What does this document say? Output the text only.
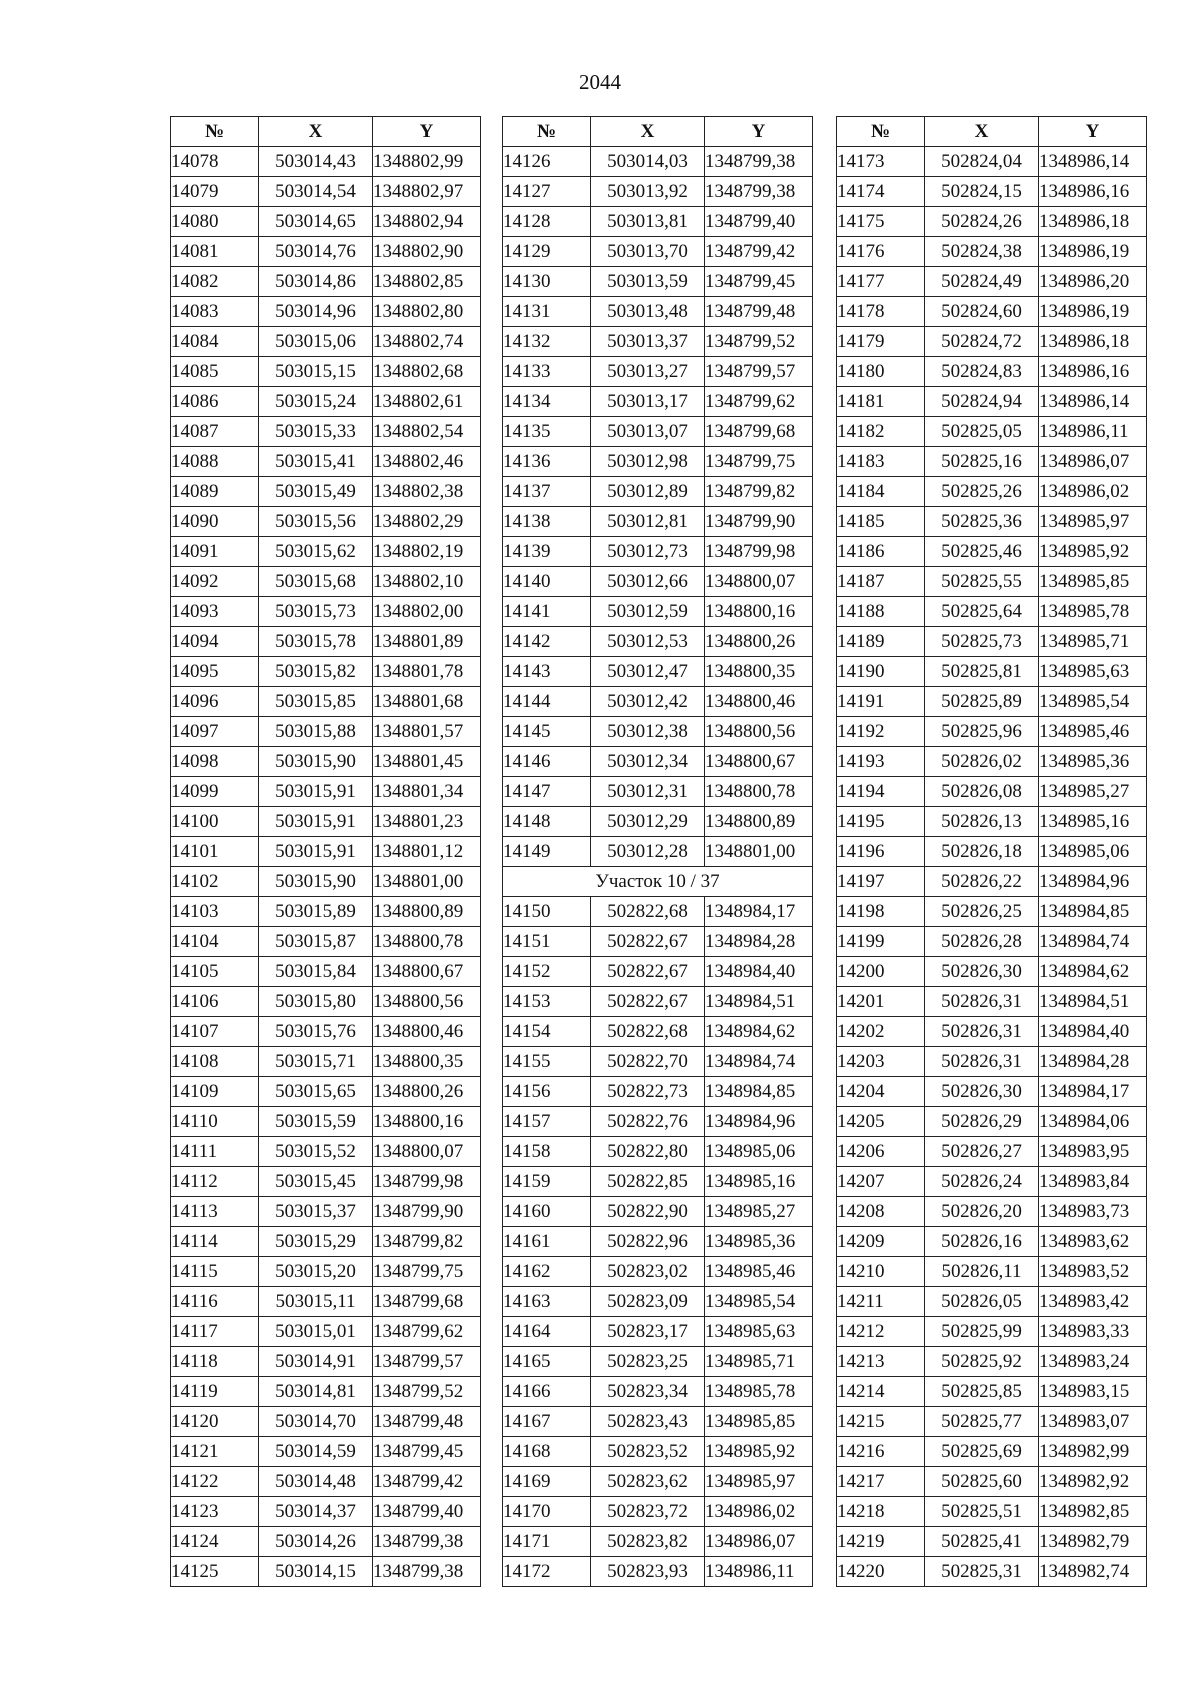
2044
№	X	Y
14078	503014,43	1348802,99
14079	503014,54	1348802,97
14080	503014,65	1348802,94
14081	503014,76	1348802,90
14082	503014,86	1348802,85
14083	503014,96	1348802,80
14084	503015,06	1348802,74
14085	503015,15	1348802,68
14086	503015,24	1348802,61
14087	503015,33	1348802,54
14088	503015,41	1348802,46
14089	503015,49	1348802,38
14090	503015,56	1348802,29
14091	503015,62	1348802,19
14092	503015,68	1348802,10
14093	503015,73	1348802,00
14094	503015,78	1348801,89
14095	503015,82	1348801,78
14096	503015,85	1348801,68
14097	503015,88	1348801,57
14098	503015,90	1348801,45
14099	503015,91	1348801,34
14100	503015,91	1348801,23
14101	503015,91	1348801,12
14102	503015,90	1348801,00
14103	503015,89	1348800,89
14104	503015,87	1348800,78
14105	503015,84	1348800,67
14106	503015,80	1348800,56
14107	503015,76	1348800,46
14108	503015,71	1348800,35
14109	503015,65	1348800,26
14110	503015,59	1348800,16
14111	503015,52	1348800,07
14112	503015,45	1348799,98
14113	503015,37	1348799,90
14114	503015,29	1348799,82
14115	503015,20	1348799,75
14116	503015,11	1348799,68
14117	503015,01	1348799,62
14118	503014,91	1348799,57
14119	503014,81	1348799,52
14120	503014,70	1348799,48
14121	503014,59	1348799,45
14122	503014,48	1348799,42
14123	503014,37	1348799,40
14124	503014,26	1348799,38
14125	503014,15	1348799,38
№	X	Y
14126	503014,03	1348799,38
14127	503013,92	1348799,38
14128	503013,81	1348799,40
14129	503013,70	1348799,42
14130	503013,59	1348799,45
14131	503013,48	1348799,48
14132	503013,37	1348799,52
14133	503013,27	1348799,57
14134	503013,17	1348799,62
14135	503013,07	1348799,68
14136	503012,98	1348799,75
14137	503012,89	1348799,82
14138	503012,81	1348799,90
14139	503012,73	1348799,98
14140	503012,66	1348800,07
14141	503012,59	1348800,16
14142	503012,53	1348800,26
14143	503012,47	1348800,35
14144	503012,42	1348800,46
14145	503012,38	1348800,56
14146	503012,34	1348800,67
14147	503012,31	1348800,78
14148	503012,29	1348800,89
14149	503012,28	1348801,00
Участок 10 / 37		
14150	502822,68	1348984,17
14151	502822,67	1348984,28
14152	502822,67	1348984,40
14153	502822,67	1348984,51
14154	502822,68	1348984,62
14155	502822,70	1348984,74
14156	502822,73	1348984,85
14157	502822,76	1348984,96
14158	502822,80	1348985,06
14159	502822,85	1348985,16
14160	502822,90	1348985,27
14161	502822,96	1348985,36
14162	502823,02	1348985,46
14163	502823,09	1348985,54
14164	502823,17	1348985,63
14165	502823,25	1348985,71
14166	502823,34	1348985,78
14167	502823,43	1348985,85
14168	502823,52	1348985,92
14169	502823,62	1348985,97
14170	502823,72	1348986,02
14171	502823,82	1348986,07
14172	502823,93	1348986,11
№	X	Y
14173	502824,04	1348986,14
14174	502824,15	1348986,16
14175	502824,26	1348986,18
14176	502824,38	1348986,19
14177	502824,49	1348986,20
14178	502824,60	1348986,19
14179	502824,72	1348986,18
14180	502824,83	1348986,16
14181	502824,94	1348986,14
14182	502825,05	1348986,11
14183	502825,16	1348986,07
14184	502825,26	1348986,02
14185	502825,36	1348985,97
14186	502825,46	1348985,92
14187	502825,55	1348985,85
14188	502825,64	1348985,78
14189	502825,73	1348985,71
14190	502825,81	1348985,63
14191	502825,89	1348985,54
14192	502825,96	1348985,46
14193	502826,02	1348985,36
14194	502826,08	1348985,27
14195	502826,13	1348985,16
14196	502826,18	1348985,06
14197	502826,22	1348984,96
14198	502826,25	1348984,85
14199	502826,28	1348984,74
14200	502826,30	1348984,62
14201	502826,31	1348984,51
14202	502826,31	1348984,40
14203	502826,31	1348984,28
14204	502826,30	1348984,17
14205	502826,29	1348984,06
14206	502826,27	1348983,95
14207	502826,24	1348983,84
14208	502826,20	1348983,73
14209	502826,16	1348983,62
14210	502826,11	1348983,52
14211	502826,05	1348983,42
14212	502825,99	1348983,33
14213	502825,92	1348983,24
14214	502825,85	1348983,15
14215	502825,77	1348983,07
14216	502825,69	1348982,99
14217	502825,60	1348982,92
14218	502825,51	1348982,85
14219	502825,41	1348982,79
14220	502825,31	1348982,74
